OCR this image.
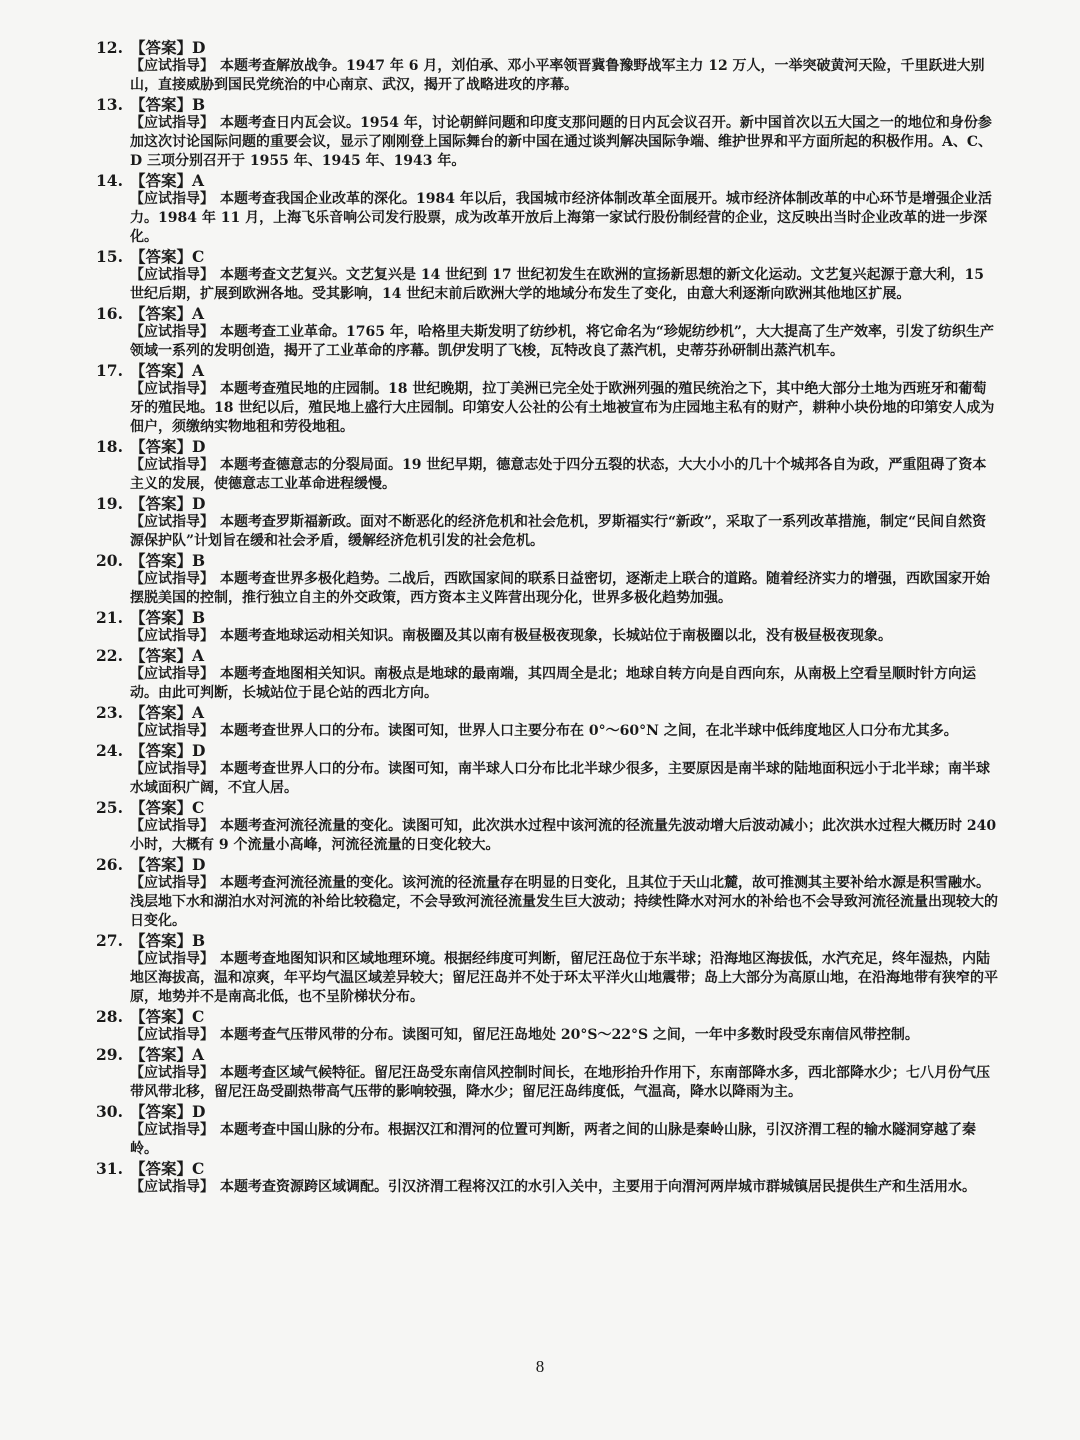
12. 【答案】D
【应试指导】 本题考查解放战争。1947 年 6 月，刘伯承、邓小平率领晋冀鲁豫野战军主力 12 万人，一举突破黄河天险，千里跃进大别山，直接威胁到国民党统治的中心南京、武汉，揭开了战略进攻的序幕。
13. 【答案】B
【应试指导】 本题考查日内瓦会议。1954 年，讨论朝鲜问题和印度支那问题的日内瓦会议召开。新中国首次以五大国之一的地位和身份参加这次讨论国际问题的重要会议，显示了刚刚登上国际舞台的新中国在通过谈判解决国际争端、维护世界和平方面所起的积极作用。A、C、D 三项分别召开于 1955 年、1945 年、1943 年。
14. 【答案】A
【应试指导】 本题考查我国企业改革的深化。1984 年以后，我国城市经济体制改革全面展开。城市经济体制改革的中心环节是增强企业活力。1984 年 11 月，上海飞乐音响公司发行股票，成为改革开放后上海第一家试行股份制经营的企业，这反映出当时企业改革的进一步深化。
15. 【答案】C
【应试指导】 本题考查文艺复兴。文艺复兴是 14 世纪到 17 世纪初发生在欧洲的宣扬新思想的新文化运动。文艺复兴起源于意大利，15 世纪后期，扩展到欧洲各地。受其影响，14 世纪末前后欧洲大学的地域分布发生了变化，由意大利逐渐向欧洲其他地区扩展。
16. 【答案】A
【应试指导】 本题考查工业革命。1765 年，哈格里夫斯发明了纺纱机，将它命名为“珍妮纺纱机”，大大提高了生产效率，引发了纺织生产领域一系列的发明创造，揭开了工业革命的序幕。凯伊发明了飞梭，瓦特改良了蒸汽机，史蒂芬孙研制出蒸汽机车。
17. 【答案】A
【应试指导】 本题考查殖民地的庄园制。18 世纪晚期，拉丁美洲已完全处于欧洲列强的殖民统治之下，其中绝大部分土地为西班牙和葡萄牙的殖民地。18 世纪以后，殖民地上盛行大庄园制。印第安人公社的公有土地被宣布为庄园地主私有的财产，耕种小块份地的印第安人成为佃户，须缴纳实物地租和劳役地租。
18. 【答案】D
【应试指导】 本题考查德意志的分裂局面。19 世纪早期，德意志处于四分五裂的状态，大大小小的几十个城邦各自为政，严重阻碍了资本主义的发展，使德意志工业革命进程缓慢。
19. 【答案】D
【应试指导】 本题考查罗斯福新政。面对不断恶化的经济危机和社会危机，罗斯福实行“新政”，采取了一系列改革措施，制定“民间自然资源保护队”计划旨在缓和社会矛盾，缓解经济危机引发的社会危机。
20. 【答案】B
【应试指导】 本题考查世界多极化趋势。二战后，西欧国家间的联系日益密切，逐渐走上联合的道路。随着经济实力的增强，西欧国家开始摆脱美国的控制，推行独立自主的外交政策，西方资本主义阵营出现分化，世界多极化趋势加强。
21. 【答案】B
【应试指导】 本题考查地球运动相关知识。南极圈及其以南有极昼极夜现象，长城站位于南极圈以北，没有极昼极夜现象。
22. 【答案】A
【应试指导】 本题考查地图相关知识。南极点是地球的最南端，其四周全是北；地球自转方向是自西向东，从南极上空看呈顺时针方向运动。由此可判断，长城站位于昆仑站的西北方向。
23. 【答案】A
【应试指导】 本题考查世界人口的分布。读图可知，世界人口主要分布在 0°～60°N 之间，在北半球中低纬度地区人口分布尤其多。
24. 【答案】D
【应试指导】 本题考查世界人口的分布。读图可知，南半球人口分布比北半球少很多，主要原因是南半球的陆地面积远小于北半球；南半球水域面积广阔，不宜人居。
25. 【答案】C
【应试指导】 本题考查河流径流量的变化。读图可知，此次洪水过程中该河流的径流量先波动增大后波动减小；此次洪水过程大概历时 240 小时，大概有 9 个流量小高峰，河流径流量的日变化较大。
26. 【答案】D
【应试指导】 本题考查河流径流量的变化。该河流的径流量存在明显的日变化，且其位于天山北麓，故可推测其主要补给水源是积雪融水。浅层地下水和湖泊水对河流的补给比较稳定，不会导致河流径流量发生巨大波动；持续性降水对河水的补给也不会导致河流径流量出现较大的日变化。
27. 【答案】B
【应试指导】 本题考查地图知识和区域地理环境。根据经纬度可判断，留尼汪岛位于东半球；沿海地区海拔低，水汽充足，终年湿热，内陆地区海拔高，温和凉爽，年平均气温区域差异较大；留尼汪岛并不处于环太平洋火山地震带；岛上大部分为高原山地，在沿海地带有狭窄的平原，地势并不是南高北低，也不呈阶梯状分布。
28. 【答案】C
【应试指导】 本题考查气压带风带的分布。读图可知，留尼汪岛地处 20°S～22°S 之间，一年中多数时段受东南信风带控制。
29. 【答案】A
【应试指导】 本题考查区域气候特征。留尼汪岛受东南信风控制时间长，在地形抬升作用下，东南部降水多，西北部降水少；七八月份气压带风带北移，留尼汪岛受副热带高气压带的影响较强，降水少；留尼汪岛纬度低，气温高，降水以降雨为主。
30. 【答案】D
【应试指导】 本题考查中国山脉的分布。根据汉江和渭河的位置可判断，两者之间的山脉是秦岭山脉，引汉济渭工程的输水隧洞穿越了秦岭。
31. 【答案】C
【应试指导】 本题考查资源跨区域调配。引汉济渭工程将汉江的水引入关中，主要用于向渭河两岸城市群城镇居民提供生产和生活用水。
8
